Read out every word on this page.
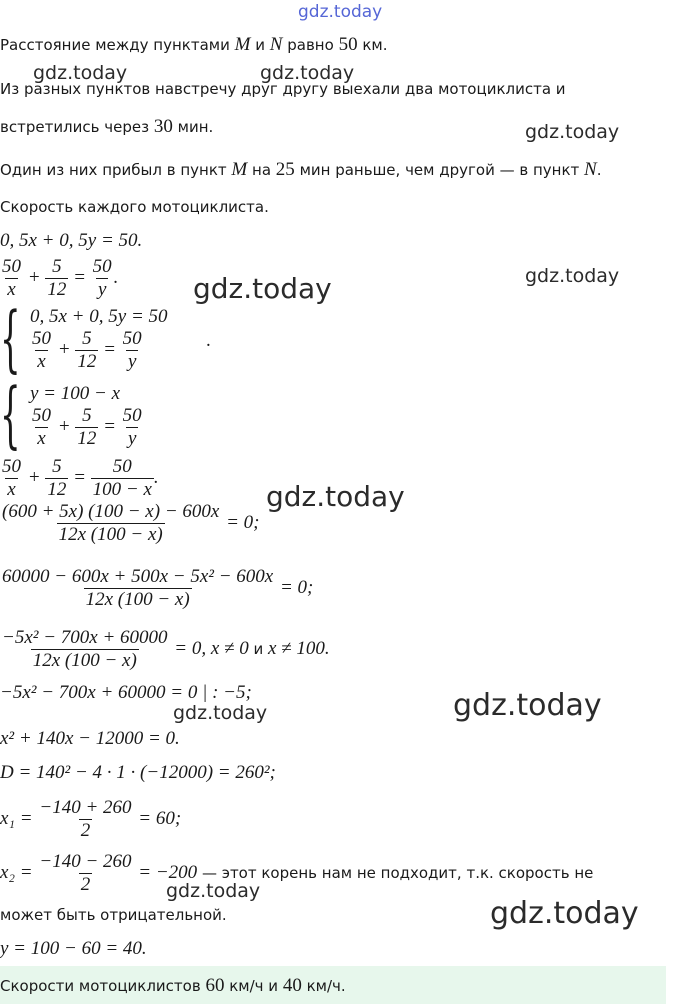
gdz.today
gdz.today	gdz.today
gdz.today
gdz.today
gdz.today
gdz.today
gdz.today	gdz.today
gdz.today
gdz.today
Расстояние между пунктами M и N равно 50 км.
Из разных пунктов навстречу друг другу выехали два мотоциклиста и
встретились через 30 мин.
Один из них прибыл в пункт M на 25 мин раньше, чем другой — в пункт N.
Скорость каждого мотоциклиста.
0, 5x + 0, 5y = 50.
$\frac{50}{x} + \frac{5}{12} = \frac{50}{y}$ .
{ 0, 5x + 0, 5y = 50
$\frac{50}{x} + \frac{5}{12} = \frac{50}{y}$	.
{ y = 100 − x
$\frac{50}{x} + \frac{5}{12} = \frac{50}{y}$
$\frac{50}{x} + \frac{5}{12} = \frac{50}{100 - x}$ .
$\frac{(600 + 5x) (100 - x) - 600x}{12x (100 - x)} = 0$;
$\frac{\text{60000 − 600x + 500x − 5x² − 600x}}{12x (100 - x)} = 0$;
$\frac{\text{−5x² − 700x + 60000}}{12x (100 - x)} = 0$, x ≠ 0 и x ≠ 100.
−5x² − 700x + 60000 = 0 | : −5;
x² + 140x − 12000 = 0.
D = 140² − 4 · 1 · (−12000) = 260²;
$x_1 = \frac{-140 + 260}{2} = 60$;
$x_2 = \frac{-140 - 260}{2} = -200$ — этот корень нам не подходит, т.к. скорость не
может быть отрицательной.
y = 100 − 60 = 40.
Скорости мотоциклистов 60 км/ч и 40 км/ч.
